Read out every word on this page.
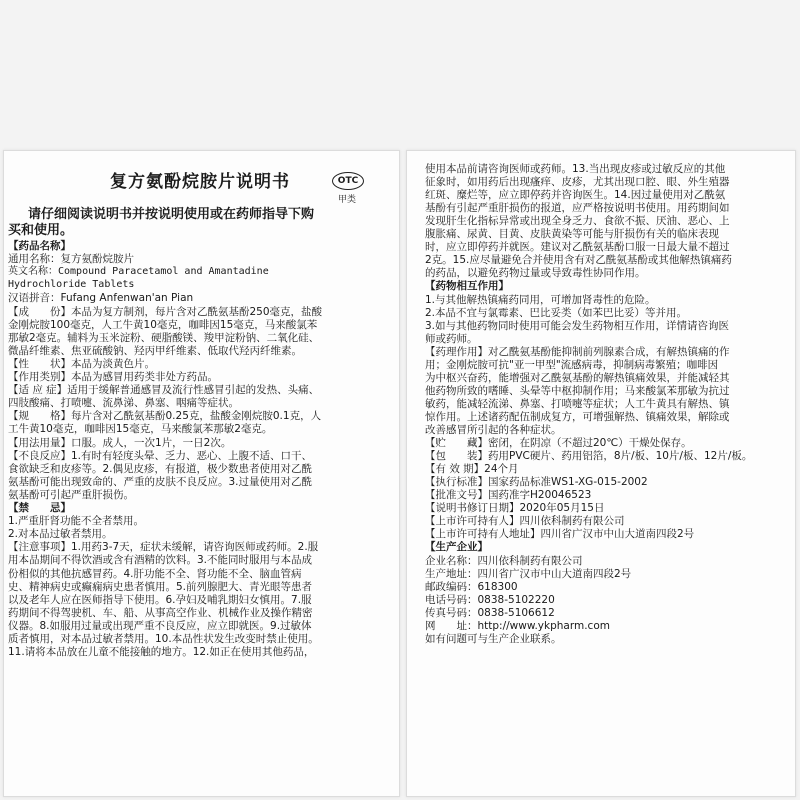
复方氨酚烷胺片说明书	OTC
甲类
请仔细阅读说明书并按说明使用或在药师指导下购
买和使用。
【药品名称】
通用名称：复方氨酚烷胺片
英文名称：Compound Paracetamol and Amantadine
Hydrochloride Tablets
汉语拼音：Fufang Anfenwan'an Pian
【成　　份】本品为复方制剂，每片含对乙酰氨基酚250毫克，盐酸
金刚烷胺100毫克，人工牛黄10毫克，咖啡因15毫克，马来酸氯苯
那敏2毫克。辅料为玉米淀粉、硬脂酸镁、羧甲淀粉钠、二氧化硅、
微晶纤维素、焦亚硫酸钠、羟丙甲纤维素、低取代羟丙纤维素。
【性　　状】本品为淡黄色片。
【作用类别】本品为感冒用药类非处方药品。
【适 应 症】适用于缓解普通感冒及流行性感冒引起的发热、头痛、
四肢酸痛、打喷嚏、流鼻涕、鼻塞、咽痛等症状。
【规　　格】每片含对乙酰氨基酚0.25克，盐酸金刚烷胺0.1克，人
工牛黄10毫克，咖啡因15毫克，马来酸氯苯那敏2毫克。
【用法用量】口服。成人，一次1片，一日2次。
【不良反应】1.有时有轻度头晕、乏力、恶心、上腹不适、口干、
食欲缺乏和皮疹等。2.偶见皮疹，有报道，极少数患者使用对乙酰
氨基酚可能出现致命的、严重的皮肤不良反应。3.过量使用对乙酰
氨基酚可引起严重肝损伤。
【禁　　忌】
1.严重肝肾功能不全者禁用。
2.对本品过敏者禁用。
【注意事项】1.用药3-7天，症状未缓解，请咨询医师或药师。2.服
用本品期间不得饮酒或含有酒精的饮料。3.不能同时服用与本品成
份相似的其他抗感冒药。4.肝功能不全、肾功能不全、脑血管病
史、精神病史或癫痫病史患者慎用。5.前列腺肥大、青光眼等患者
以及老年人应在医师指导下使用。6.孕妇及哺乳期妇女慎用。7.服
药期间不得驾驶机、车、船、从事高空作业、机械作业及操作精密
仪器。8.如服用过量或出现严重不良反应，应立即就医。9.过敏体
质者慎用，对本品过敏者禁用。10.本品性状发生改变时禁止使用。
11.请将本品放在儿童不能接触的地方。12.如正在使用其他药品，
使用本品前请咨询医师或药师。13.当出现皮疹或过敏反应的其他
征象时，如用药后出现瘙痒、皮疹，尤其出现口腔、眼、外生殖器
红斑、糜烂等，应立即停药并咨询医生。14.因过量使用对乙酰氨
基酚有引起严重肝损伤的报道，应严格按说明书使用。用药期间如
发现肝生化指标异常或出现全身乏力、食欲不振、厌油、恶心、上
腹胀痛、尿黄、目黄、皮肤黄染等可能与肝损伤有关的临床表现
时，应立即停药并就医。建议对乙酰氨基酚口服一日最大量不超过
2克。15.应尽量避免合并使用含有对乙酰氨基酚或其他解热镇痛药
的药品，以避免药物过量或导致毒性协同作用。
【药物相互作用】
1.与其他解热镇痛药同用，可增加肾毒性的危险。
2.本品不宜与氯霉素、巴比妥类（如苯巴比妥）等并用。
3.如与其他药物同时使用可能会发生药物相互作用，详情请咨询医
师或药师。
【药理作用】对乙酰氨基酚能抑制前列腺素合成，有解热镇痛的作
用；金刚烷胺可抗"亚一甲型"流感病毒，抑制病毒繁殖；咖啡因
为中枢兴奋药，能增强对乙酰氨基酚的解热镇痛效果，并能减轻其
他药物所致的嗜睡、头晕等中枢抑制作用；马来酸氯苯那敏为抗过
敏药，能减轻流涕、鼻塞、打喷嚏等症状；人工牛黄具有解热、镇
惊作用。上述诸药配伍制成复方，可增强解热、镇痛效果，解除或
改善感冒所引起的各种症状。
【贮　　藏】密闭，在阴凉（不超过20℃）干燥处保存。
【包　　装】药用PVC硬片、药用铝箔，8片/板、10片/板、12片/板。
【有 效 期】24个月
【执行标准】国家药品标准WS1-XG-015-2002
【批准文号】国药准字H20046523
【说明书修订日期】2020年05月15日
【上市许可持有人】四川依科制药有限公司
【上市许可持有人地址】四川省广汉市中山大道南四段2号
【生产企业】
企业名称：四川依科制药有限公司
生产地址：四川省广汉市中山大道南四段2号
邮政编码：618300
电话号码：0838-5102220
传真号码：0838-5106612
网　　址：http://www.ykpharm.com
如有问题可与生产企业联系。
